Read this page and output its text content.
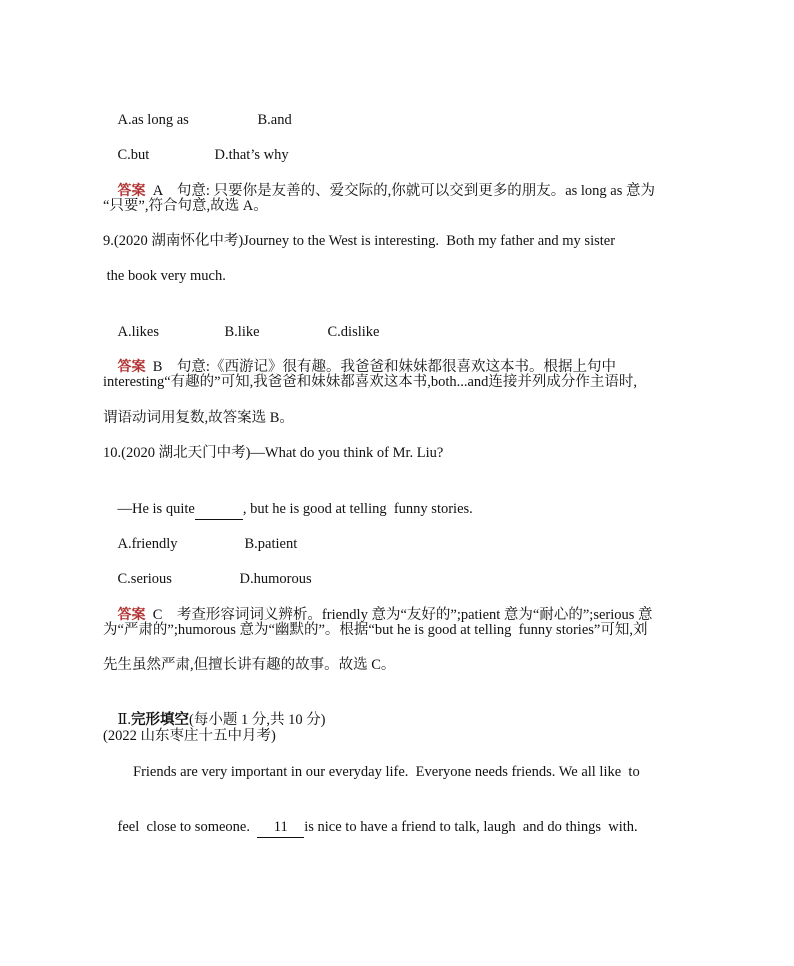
A.as long as	B.and

C.but	D.that’s why

答案 A 句意: 只要你是友善的、爱交际的,你就可以交到更多的朋友。as long as 意为

“只要”,符合句意,故选 A。
9.(2020 湖南怀化中考)Journey to the West is interesting.  Both my father and my sister
the book very much.

A.likes	B.like	C.dislike

答案 B 句意:《西游记》很有趣。我爸爸和妹妹都很喜欢这本书。根据上句中

interesting“有趣的”可知,我爸爸和妹妹都喜欢这本书,both...and连接并列成分作主语时,
谓语动词用复数,故答案选 B。
10.(2020 湖北天门中考)—What do you think of Mr. Liu?

—He is quite	, but he is good at telling  funny stories.

A.friendly	B.patient

C.serious	D.humorous

答案 C 考查形容词词义辨析。friendly 意为“友好的”;patient 意为“耐心的”;serious 意

为“严肃的”;humorous 意为“幽默的”。根据“but he is good at telling  funny stories”可知,刘
先生虽然严肃,但擅长讲有趣的故事。故选 C。

Ⅱ.完形填空(每小题 1 分,共 10 分)

(2022 山东枣庄十五中月考)
Friends are very important in our everyday life.  Everyone needs friends. We all like  to

feel  close to someone.  11 is nice to have a friend to talk, laugh  and do things  with.
